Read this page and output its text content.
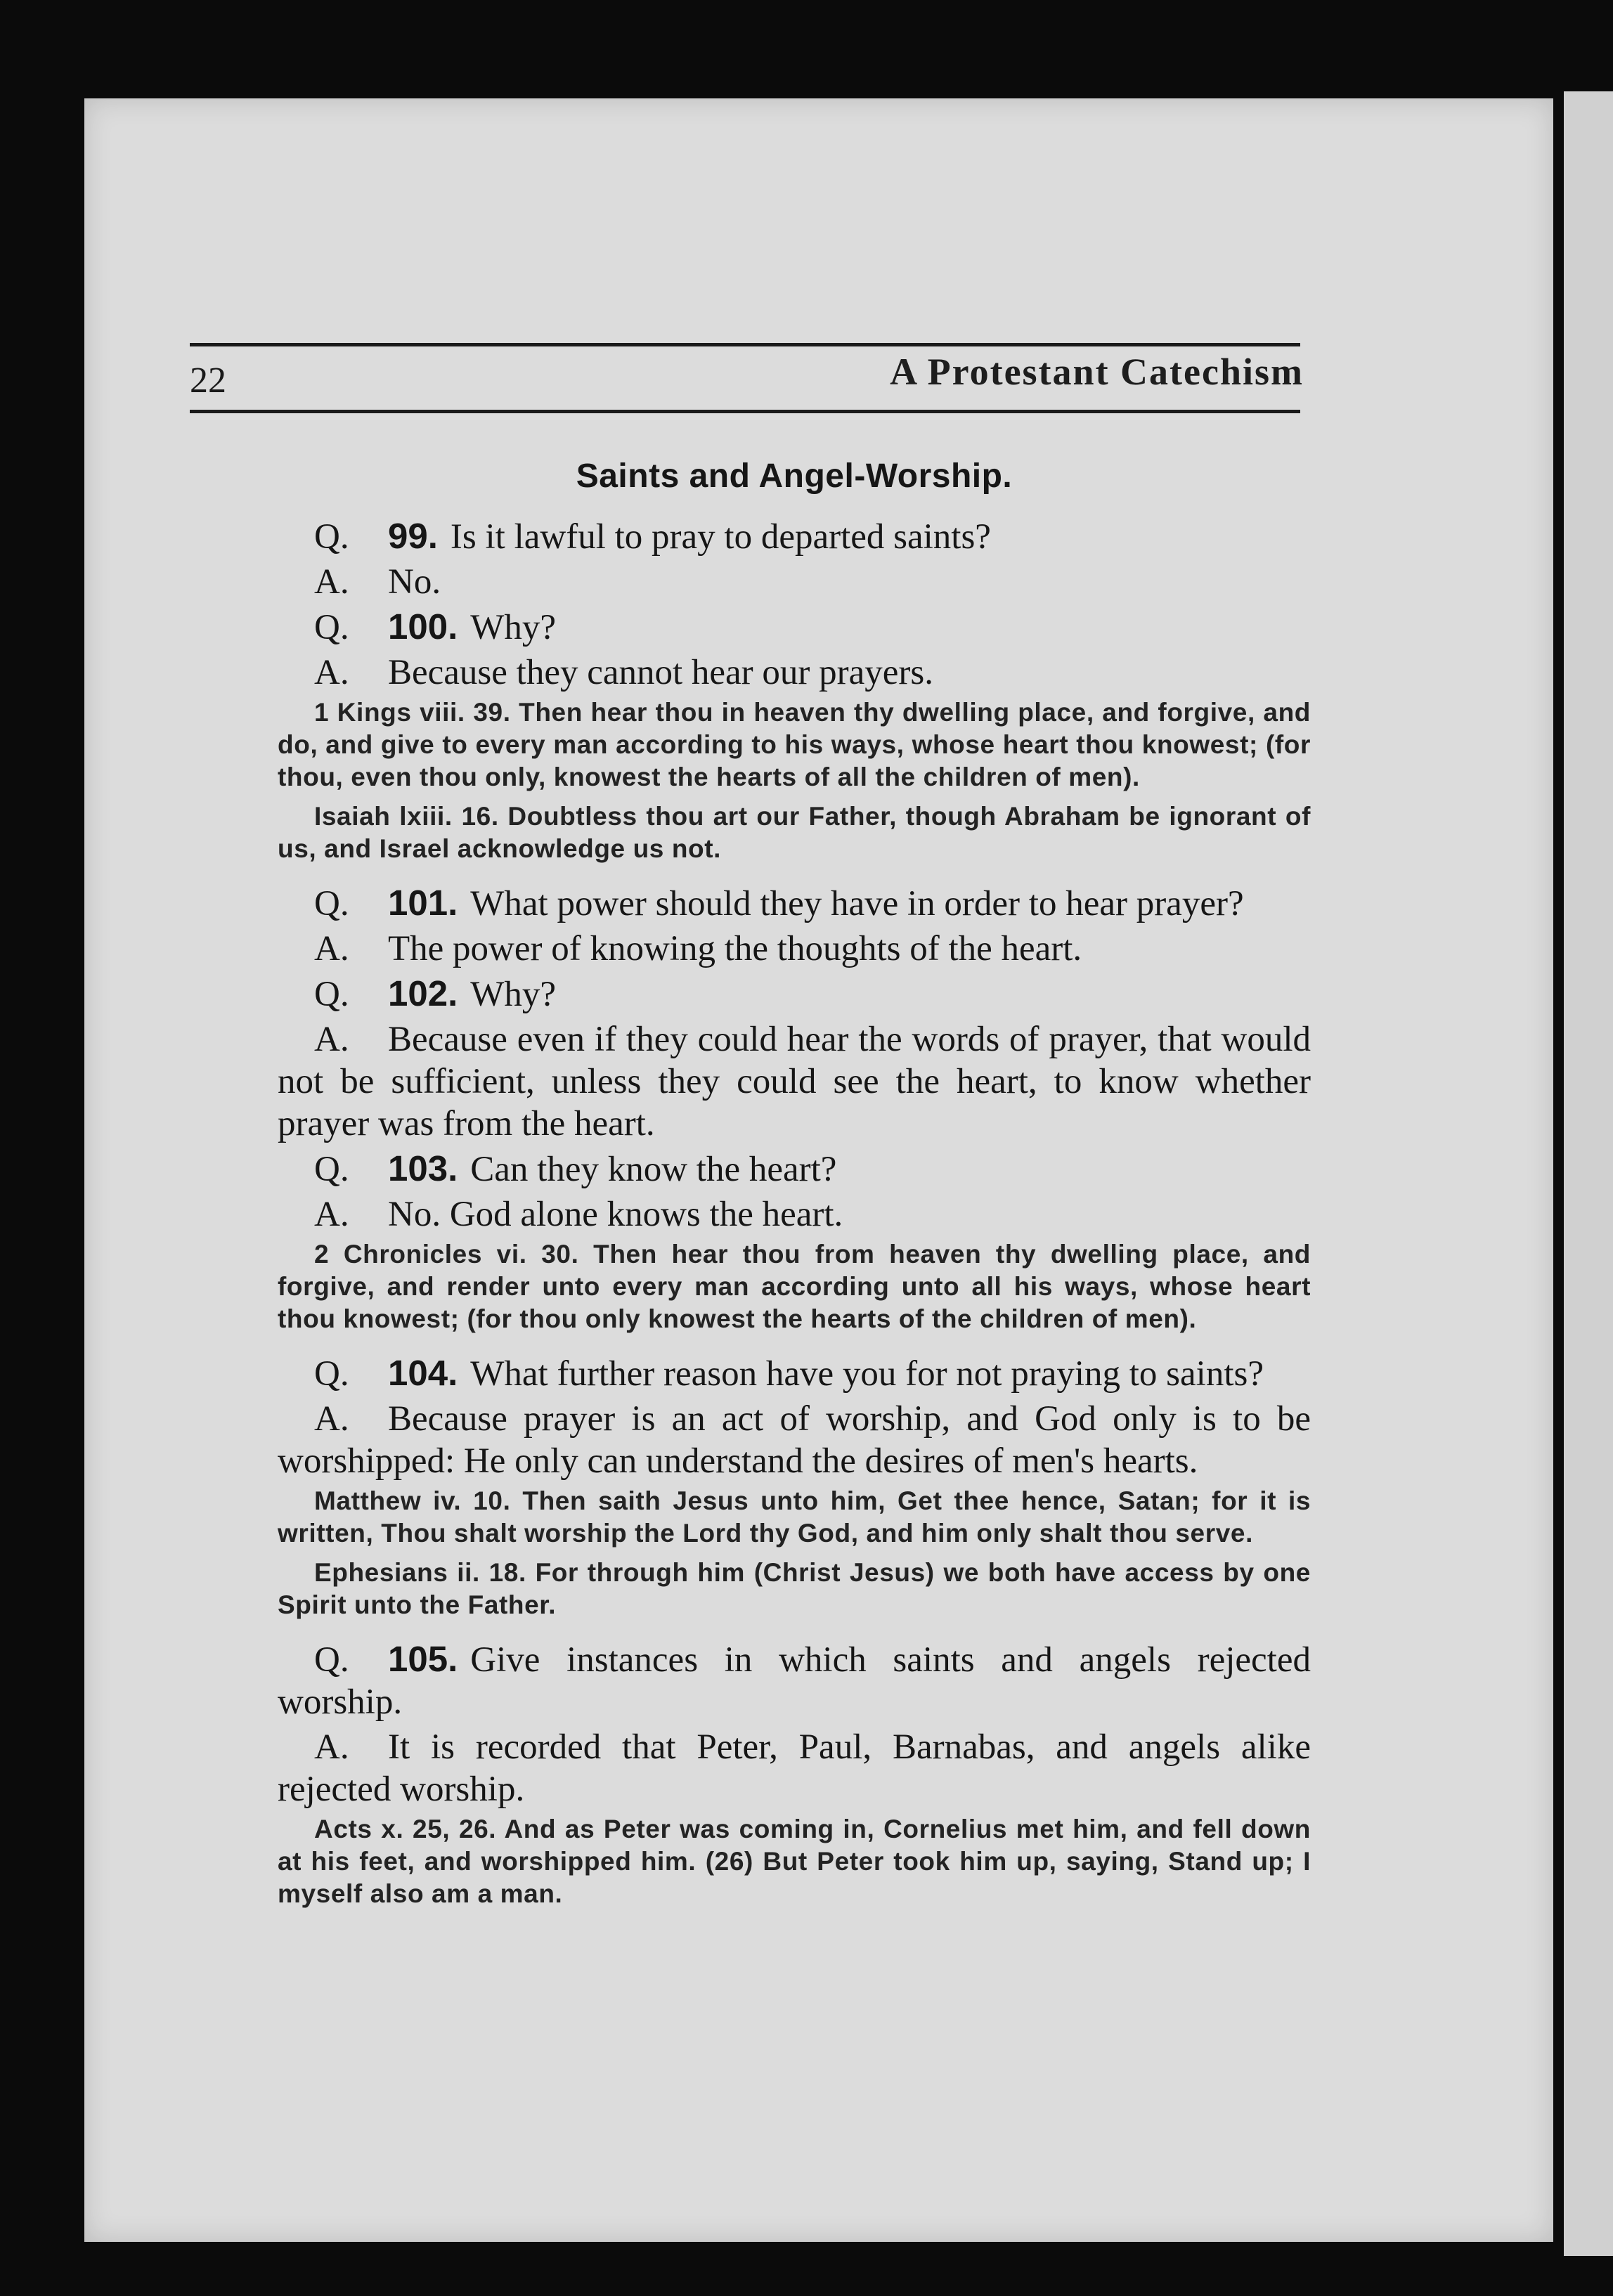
22	A Protestant Catechism
Saints and Angel-Worship.

Q. 99. Is it lawful to pray to departed saints?

A. No.

Q. 100. Why?

A. Because they cannot hear our prayers.

1 Kings viii. 39. Then hear thou in heaven thy dwelling place, and forgive, and do, and give to every man according to his ways, whose heart thou knowest; (for thou, even thou only, knowest the hearts of all the children of men).

Isaiah lxiii. 16. Doubtless thou art our Father, though Abraham be ignorant of us, and Israel acknowledge us not.

Q. 101. What power should they have in order to hear prayer?

A. The power of knowing the thoughts of the heart.

Q. 102. Why?

A. Because even if they could hear the words of prayer, that would not be sufficient, unless they could see the heart, to know whether prayer was from the heart.

Q. 103. Can they know the heart?

A. No. God alone knows the heart.

2 Chronicles vi. 30. Then hear thou from heaven thy dwelling place, and forgive, and render unto every man according unto all his ways, whose heart thou knowest; (for thou only knowest the hearts of the children of men).

Q. 104. What further reason have you for not praying to saints?

A. Because prayer is an act of worship, and God only is to be worshipped: He only can understand the desires of men's hearts.

Matthew iv. 10. Then saith Jesus unto him, Get thee hence, Satan; for it is written, Thou shalt worship the Lord thy God, and him only shalt thou serve.

Ephesians ii. 18. For through him (Christ Jesus) we both have access by one Spirit unto the Father.

Q. 105. Give instances in which saints and angels rejected worship.

A. It is recorded that Peter, Paul, Barnabas, and angels alike rejected worship.

Acts x. 25, 26. And as Peter was coming in, Cornelius met him, and fell down at his feet, and worshipped him. (26) But Peter took him up, saying, Stand up; I myself also am a man.
